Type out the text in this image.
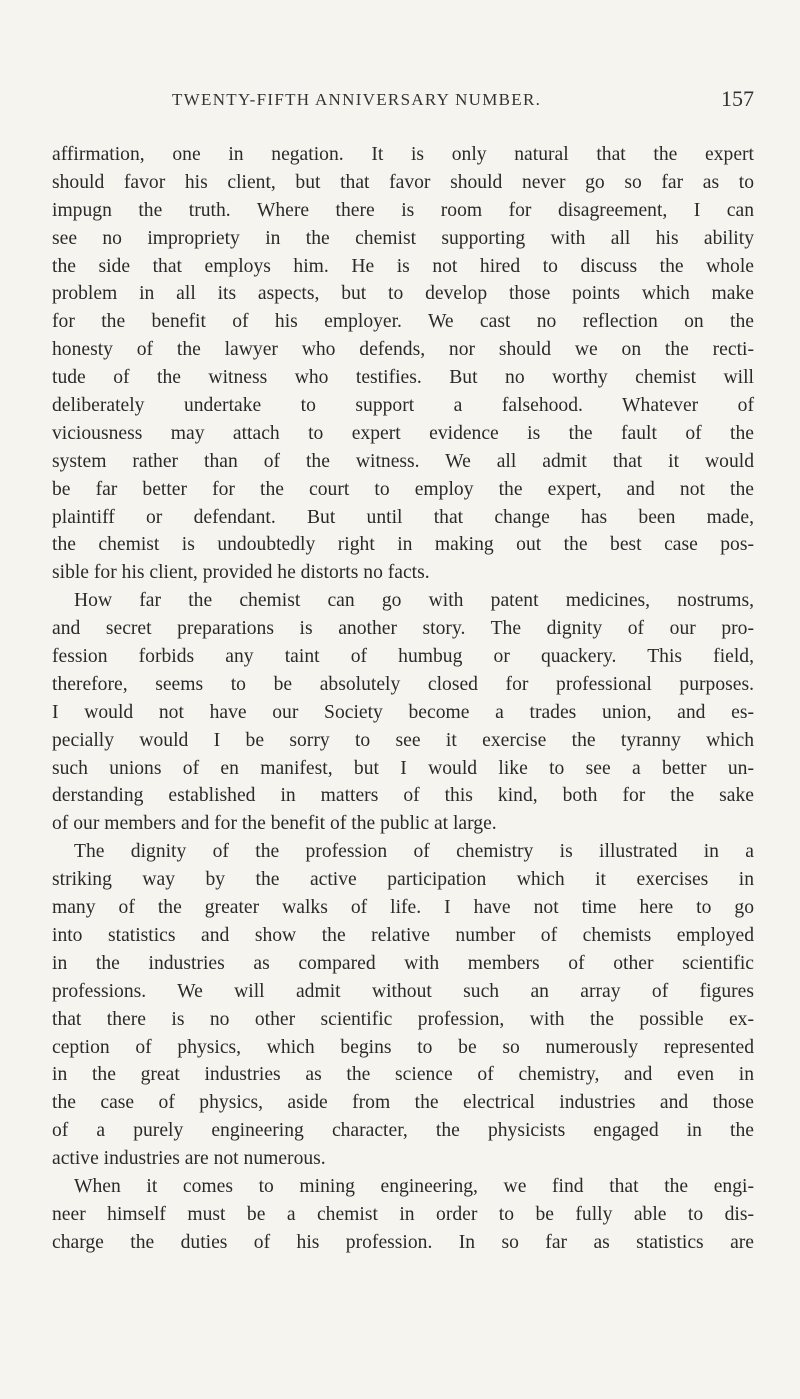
TWENTY-FIFTH ANNIVERSARY NUMBER.	157
affirmation, one in negation. It is only natural that the expert
should favor his client, but that favor should never go so far as to
impugn the truth. Where there is room for disagreement, I can
see no impropriety in the chemist supporting with all his ability
the side that employs him. He is not hired to discuss the whole
problem in all its aspects, but to develop those points which make
for the benefit of his employer. We cast no reflection on the
honesty of the lawyer who defends, nor should we on the recti-
tude of the witness who testifies. But no worthy chemist will
deliberately undertake to support a falsehood. Whatever of
viciousness may attach to expert evidence is the fault of the
system rather than of the witness. We all admit that it would
be far better for the court to employ the expert, and not the
plaintiff or defendant. But until that change has been made,
the chemist is undoubtedly right in making out the best case pos-
sible for his client, provided he distorts no facts.
How far the chemist can go with patent medicines, nostrums,
and secret preparations is another story. The dignity of our pro-
fession forbids any taint of humbug or quackery. This field,
therefore, seems to be absolutely closed for professional purposes.
I would not have our Society become a trades union, and es-
pecially would I be sorry to see it exercise the tyranny which
such unions of en manifest, but I would like to see a better un-
derstanding established in matters of this kind, both for the sake
of our members and for the benefit of the public at large.
The dignity of the profession of chemistry is illustrated in a
striking way by the active participation which it exercises in
many of the greater walks of life. I have not time here to go
into statistics and show the relative number of chemists employed
in the industries as compared with members of other scientific
professions. We will admit without such an array of figures
that there is no other scientific profession, with the possible ex-
ception of physics, which begins to be so numerously represented
in the great industries as the science of chemistry, and even in
the case of physics, aside from the electrical industries and those
of a purely engineering character, the physicists engaged in the
active industries are not numerous.
When it comes to mining engineering, we find that the engi-
neer himself must be a chemist in order to be fully able to dis-
charge the duties of his profession. In so far as statistics are
